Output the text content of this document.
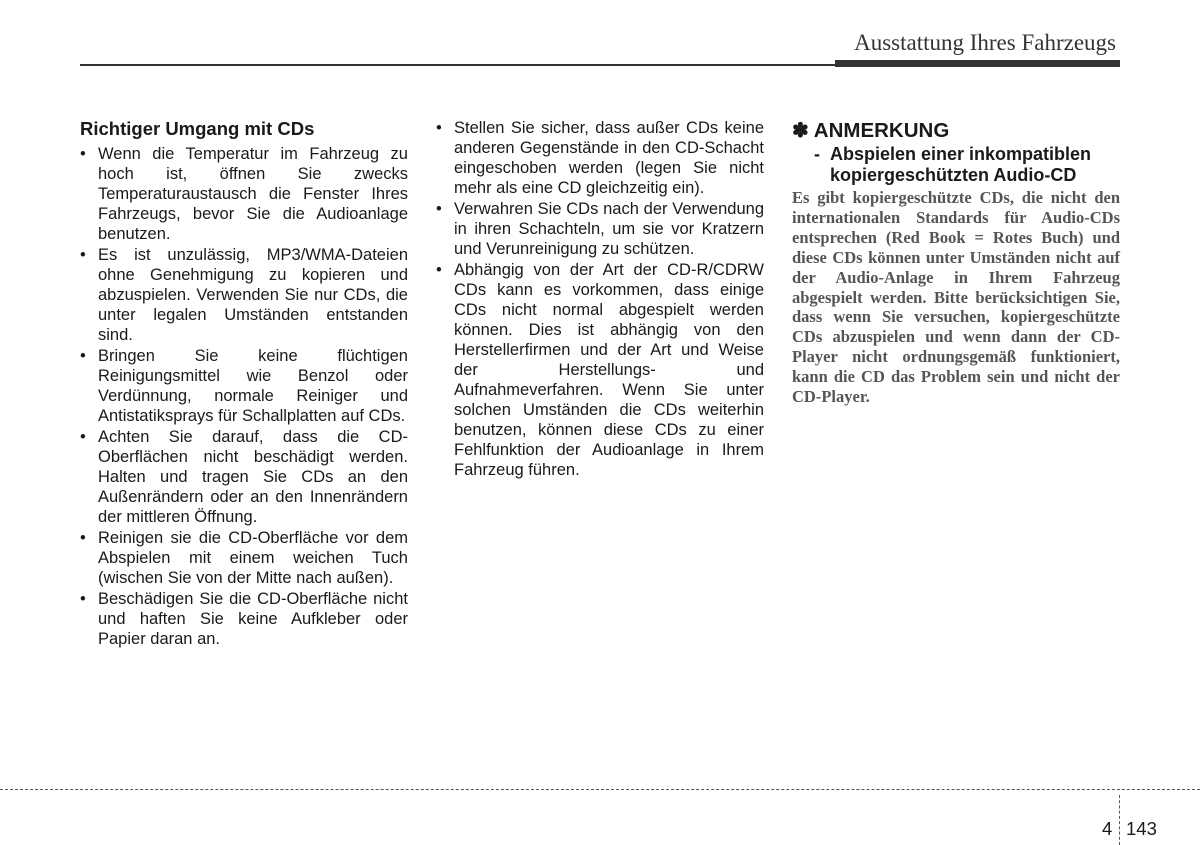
Ausstattung Ihres Fahrzeugs
Richtiger Umgang mit CDs
• Wenn die Temperatur im Fahrzeug zu hoch ist, öffnen Sie zwecks Temperaturaustausch die Fenster Ihres Fahrzeugs, bevor Sie die Audioanlage benutzen.
• Es ist unzulässig, MP3/WMA-Dateien ohne Genehmigung zu kopieren und abzuspielen. Verwenden Sie nur CDs, die unter legalen Umständen entstanden sind.
• Bringen Sie keine flüchtigen Reinigungsmittel wie Benzol oder Verdünnung, normale Reiniger und Antistatiksprays für Schallplatten auf CDs.
• Achten Sie darauf, dass die CD-Oberflächen nicht beschädigt werden. Halten und tragen Sie CDs an den Außenrändern oder an den Innenrändern der mittleren Öffnung.
• Reinigen sie die CD-Oberfläche vor dem Abspielen mit einem weichen Tuch (wischen Sie von der Mitte nach außen).
• Beschädigen Sie die CD-Oberfläche nicht und haften Sie keine Aufkleber oder Papier daran an.
• Stellen Sie sicher, dass außer CDs keine anderen Gegenstände in den CD-Schacht eingeschoben werden (legen Sie nicht mehr als eine CD gleichzeitig ein).
• Verwahren Sie CDs nach der Verwendung in ihren Schachteln, um sie vor Kratzern und Verunreinigung zu schützen.
• Abhängig von der Art der CD-R/CDRW CDs kann es vorkommen, dass einige CDs nicht normal abgespielt werden können. Dies ist abhängig von den Herstellerfirmen und der Art und Weise der Herstellungs- und Aufnahmeverfahren. Wenn Sie unter solchen Umständen die CDs weiterhin benutzen, können diese CDs zu einer Fehlfunktion der Audioanlage in Ihrem Fahrzeug führen.
✽ ANMERKUNG
- Abspielen einer inkompatiblen kopiergeschützten Audio-CD
Es gibt kopiergeschützte CDs, die nicht den internationalen Standards für Audio-CDs entsprechen (Red Book = Rotes Buch) und diese CDs können unter Umständen nicht auf der Audio-Anlage in Ihrem Fahrzeug abgespielt werden. Bitte berücksichtigen Sie, dass wenn Sie versuchen, kopiergeschützte CDs abzuspielen und wenn dann der CD-Player nicht ordnungsgemäß funktioniert, kann die CD das Problem sein und nicht der CD-Player.
4 143
